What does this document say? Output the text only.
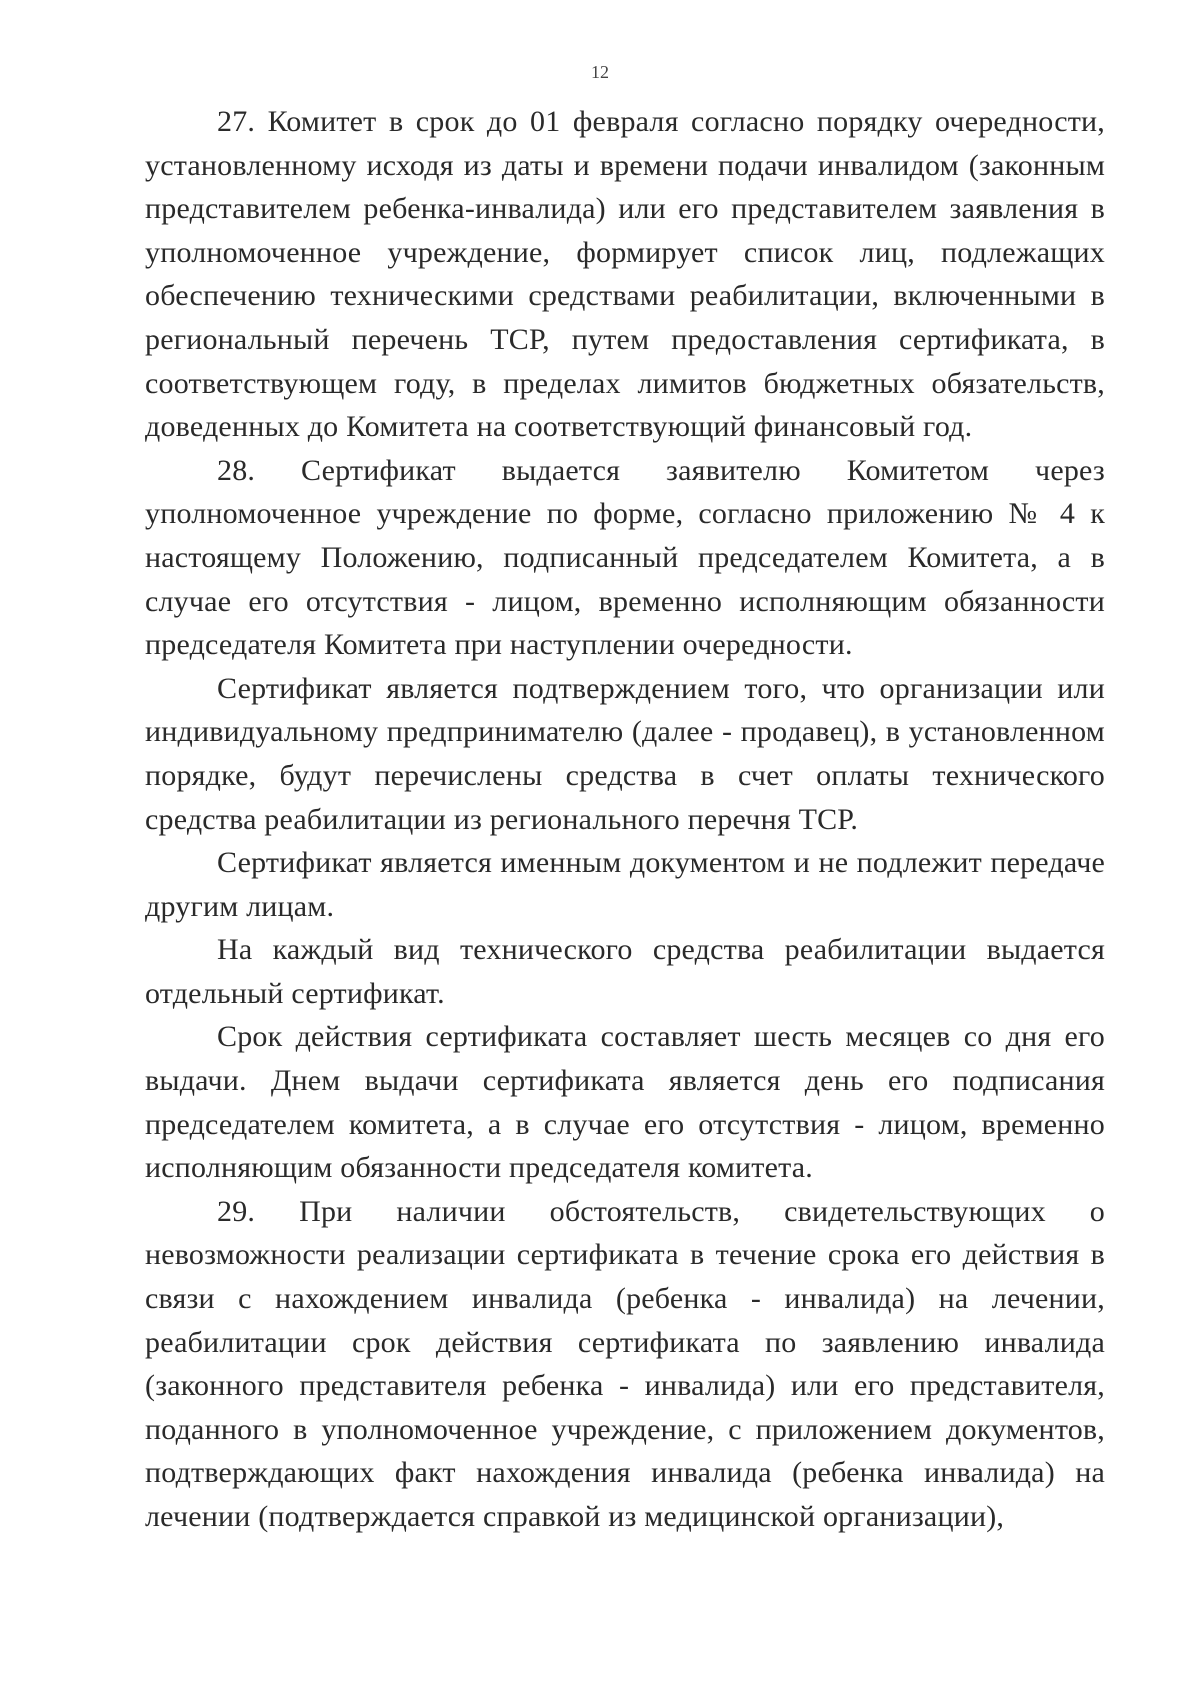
12

27. Комитет в срок до 01 февраля согласно порядку очередности, установленному исходя из даты и времени подачи инвалидом (законным представителем ребенка-инвалида) или его представителем заявления в уполномоченное учреждение, формирует список лиц, подлежащих обеспечению техническими средствами реабилитации, включенными в региональный перечень ТСР, путем предоставления сертификата, в соответствующем году, в пределах лимитов бюджетных обязательств, доведенных до Комитета на соответствующий финансовый год.

28. Сертификат выдается заявителю Комитетом через уполномоченное учреждение по форме, согласно приложению № 4 к настоящему Положению, подписанный председателем Комитета, а в случае его отсутствия - лицом, временно исполняющим обязанности председателя Комитета при наступлении очередности.

Сертификат является подтверждением того, что организации или индивидуальному предпринимателю (далее - продавец), в установленном порядке, будут перечислены средства в счет оплаты технического средства реабилитации из регионального перечня ТСР.

Сертификат является именным документом и не подлежит передаче другим лицам.

На каждый вид технического средства реабилитации выдается отдельный сертификат.

Срок действия сертификата составляет шесть месяцев со дня его выдачи. Днем выдачи сертификата является день его подписания председателем комитета, а в случае его отсутствия - лицом, временно исполняющим обязанности председателя комитета.

29. При наличии обстоятельств, свидетельствующих о невозможности реализации сертификата в течение срока его действия в связи с нахождением инвалида (ребенка - инвалида) на лечении, реабилитации срок действия сертификата по заявлению инвалида (законного представителя ребенка - инвалида) или его представителя, поданного в уполномоченное учреждение, с приложением документов, подтверждающих факт нахождения инвалида (ребенка инвалида) на лечении (подтверждается справкой из медицинской организации),
